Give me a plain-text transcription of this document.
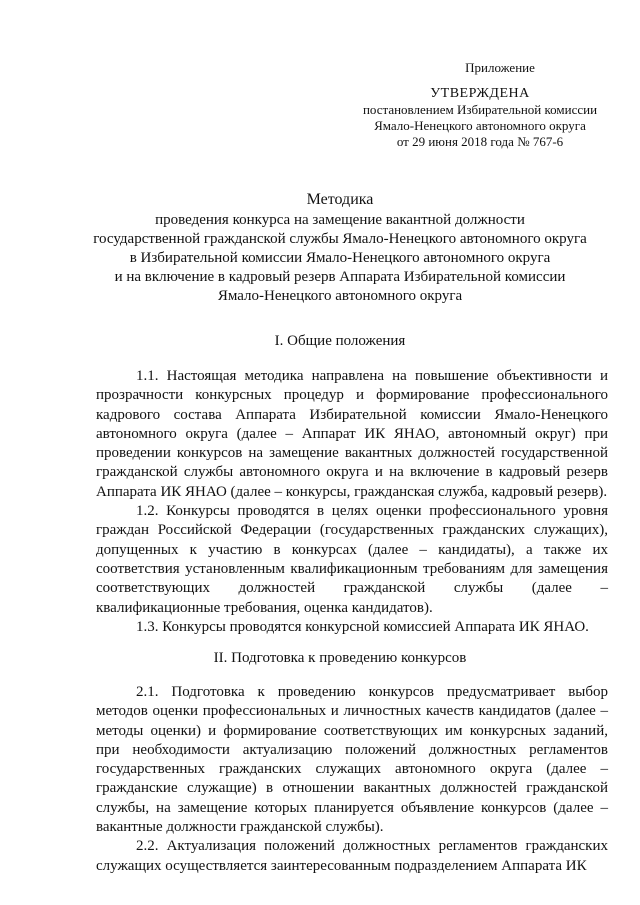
Приложение
УТВЕРЖДЕНА
постановлением Избирательной комиссии
Ямало-Ненецкого автономного округа
от 29 июня 2018 года № 767-6
Методика
проведения конкурса на замещение вакантной должности
государственной гражданской службы Ямало-Ненецкого автономного округа
в Избирательной комиссии Ямало-Ненецкого автономного округа
и на включение в кадровый резерв Аппарата Избирательной комиссии
Ямало-Ненецкого автономного округа
I. Общие положения

1.1. Настоящая методика направлена на повышение объективности и прозрачности конкурсных процедур и формирование профессионального кадрового состава Аппарата Избирательной комиссии Ямало-Ненецкого автономного округа (далее – Аппарат ИК ЯНАО, автономный округ) при проведении конкурсов на замещение вакантных должностей государственной гражданской службы автономного округа и на включение в кадровый резерв Аппарата ИК ЯНАО (далее – конкурсы, гражданская служба, кадровый резерв).

1.2. Конкурсы проводятся в целях оценки профессионального уровня граждан Российской Федерации (государственных гражданских служащих), допущенных к участию в конкурсах (далее – кандидаты), а также их соответствия установленным квалификационным требованиям для замещения соответствующих должностей гражданской службы (далее – квалификационные требования, оценка кандидатов).

1.3. Конкурсы проводятся конкурсной комиссией Аппарата ИК ЯНАО.

II. Подготовка к проведению конкурсов

2.1. Подготовка к проведению конкурсов предусматривает выбор методов оценки профессиональных и личностных качеств кандидатов (далее – методы оценки) и формирование соответствующих им конкурсных заданий, при необходимости актуализацию положений должностных регламентов государственных гражданских служащих автономного округа (далее – гражданские служащие) в отношении вакантных должностей гражданской службы, на замещение которых планируется объявление конкурсов (далее – вакантные должности гражданской службы).

2.2. Актуализация положений должностных регламентов гражданских служащих осуществляется заинтересованным подразделением Аппарата ИК
